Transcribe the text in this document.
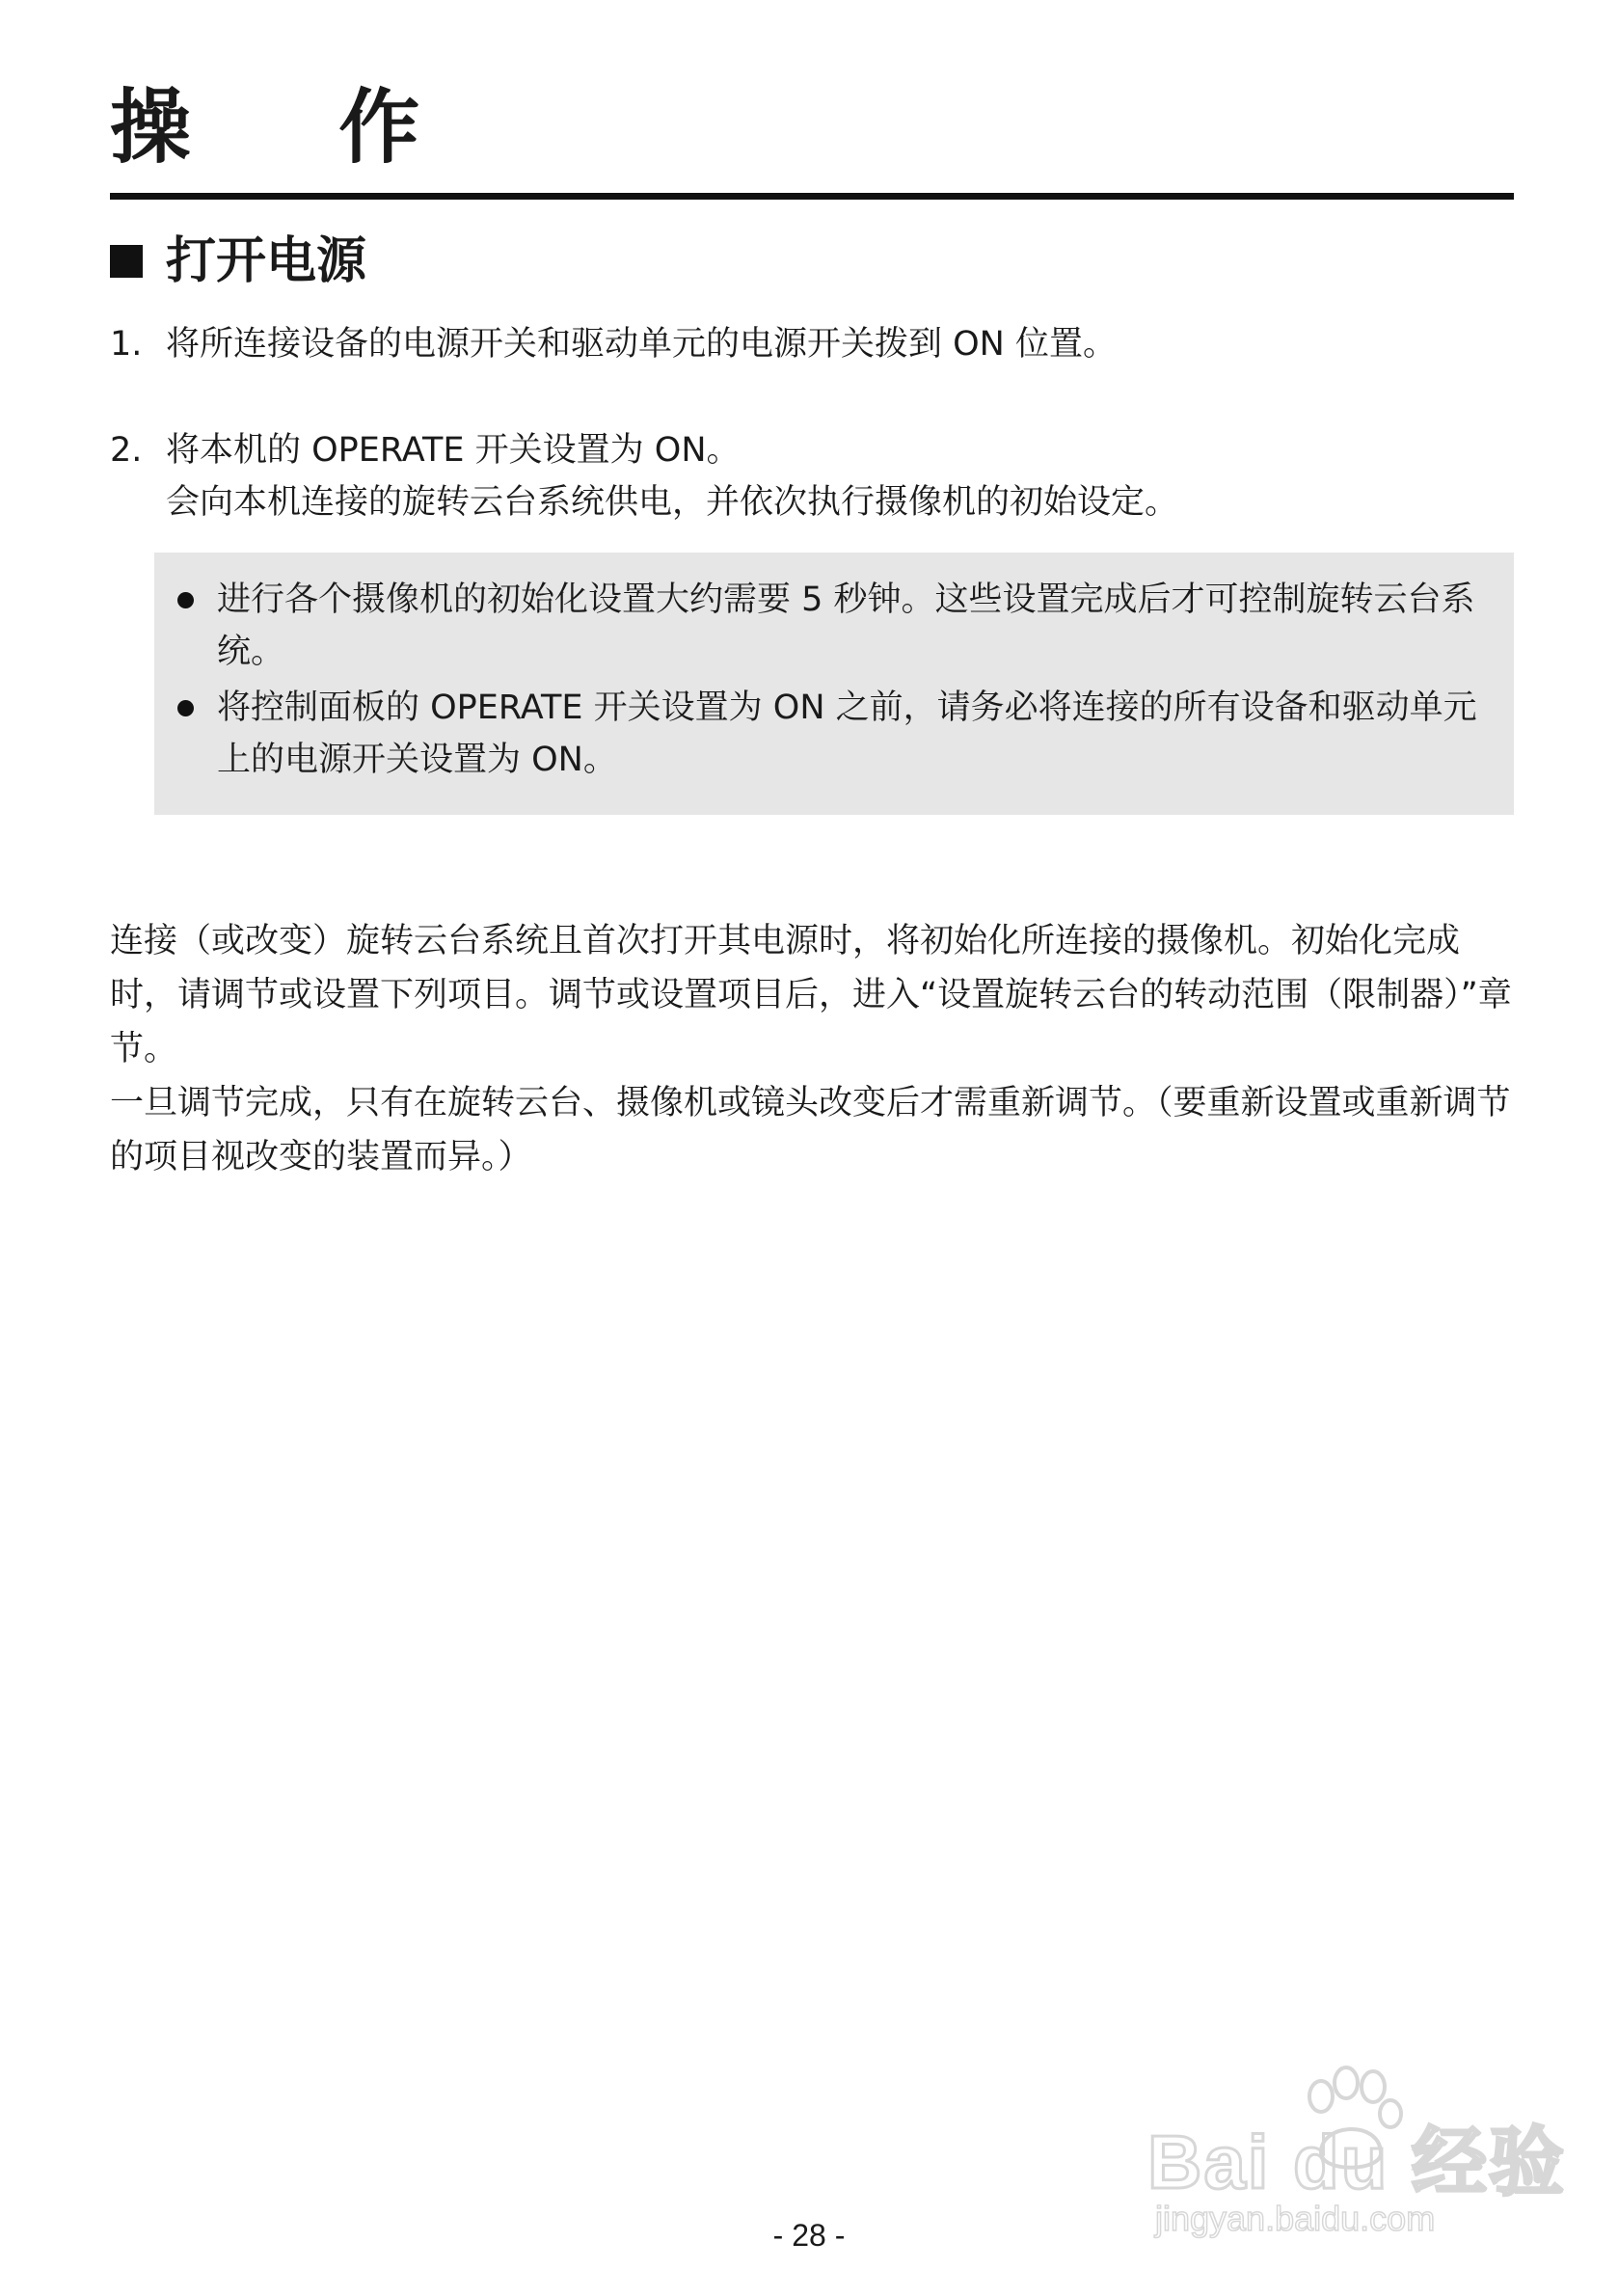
操 作
打开电源
1. 将所连接设备的电源开关和驱动单元的电源开关拨到 ON 位置。
2. 将本机的 OPERATE 开关设置为 ON。
会向本机连接的旋转云台系统供电，并依次执行摄像机的初始设定。
进行各个摄像机的初始化设置大约需要 5 秒钟。这些设置完成后才可控制旋转云台系统。
将控制面板的 OPERATE 开关设置为 ON 之前，请务必将连接的所有设备和驱动单元上的电源开关设置为 ON。

连接（或改变）旋转云台系统且首次打开其电源时，将初始化所连接的摄像机。初始化完成时，请调节或设置下列项目。调节或设置项目后，进入“设置旋转云台的转动范围（限制器）”章节。

一旦调节完成，只有在旋转云台、摄像机或镜头改变后才需重新调节。（要重新设置或重新调节的项目视改变的装置而异。）

Bai du 经验
jingyan.baidu.com
- 28 -
